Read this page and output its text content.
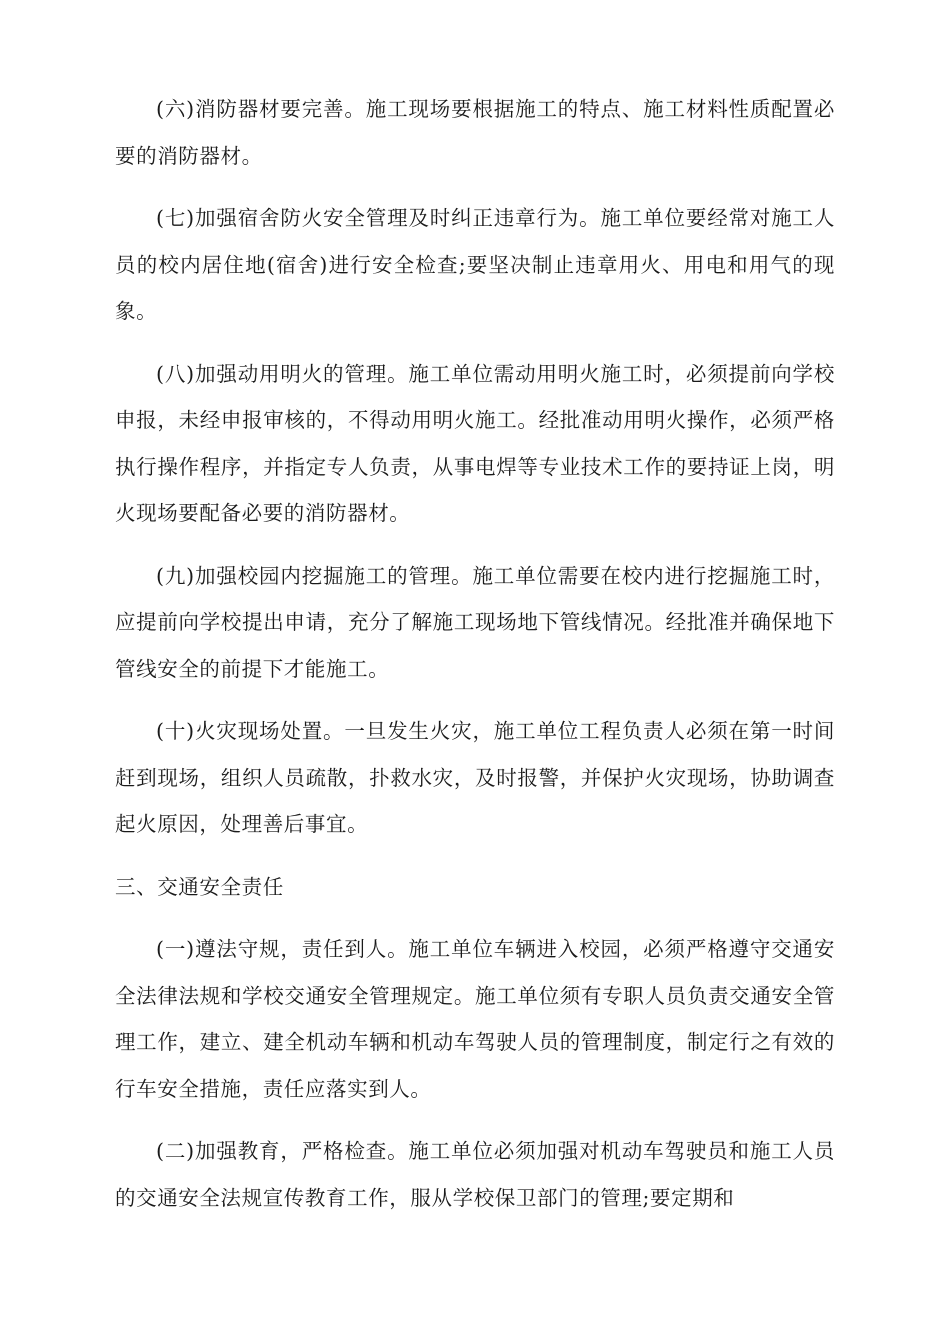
(六)消防器材要完善。施工现场要根据施工的特点、施工材料性质配置必要的消防器材。

(七)加强宿舍防火安全管理及时纠正违章行为。施工单位要经常对施工人员的校内居住地(宿舍)进行安全检查;要坚决制止违章用火、用电和用气的现象。

(八)加强动用明火的管理。施工单位需动用明火施工时，必须提前向学校申报，未经申报审核的，不得动用明火施工。经批准动用明火操作，必须严格执行操作程序，并指定专人负责，从事电焊等专业技术工作的要持证上岗，明火现场要配备必要的消防器材。

(九)加强校园内挖掘施工的管理。施工单位需要在校内进行挖掘施工时，应提前向学校提出申请，充分了解施工现场地下管线情况。经批准并确保地下管线安全的前提下才能施工。

(十)火灾现场处置。一旦发生火灾，施工单位工程负责人必须在第一时间赶到现场，组织人员疏散，扑救水灾，及时报警，并保护火灾现场，协助调查起火原因，处理善后事宜。

三、交通安全责任

(一)遵法守规，责任到人。施工单位车辆进入校园，必须严格遵守交通安全法律法规和学校交通安全管理规定。施工单位须有专职人员负责交通安全管理工作，建立、建全机动车辆和机动车驾驶人员的管理制度，制定行之有效的行车安全措施，责任应落实到人。

(二)加强教育，严格检查。施工单位必须加强对机动车驾驶员和施工人员的交通安全法规宣传教育工作，服从学校保卫部门的管理;要定期和
